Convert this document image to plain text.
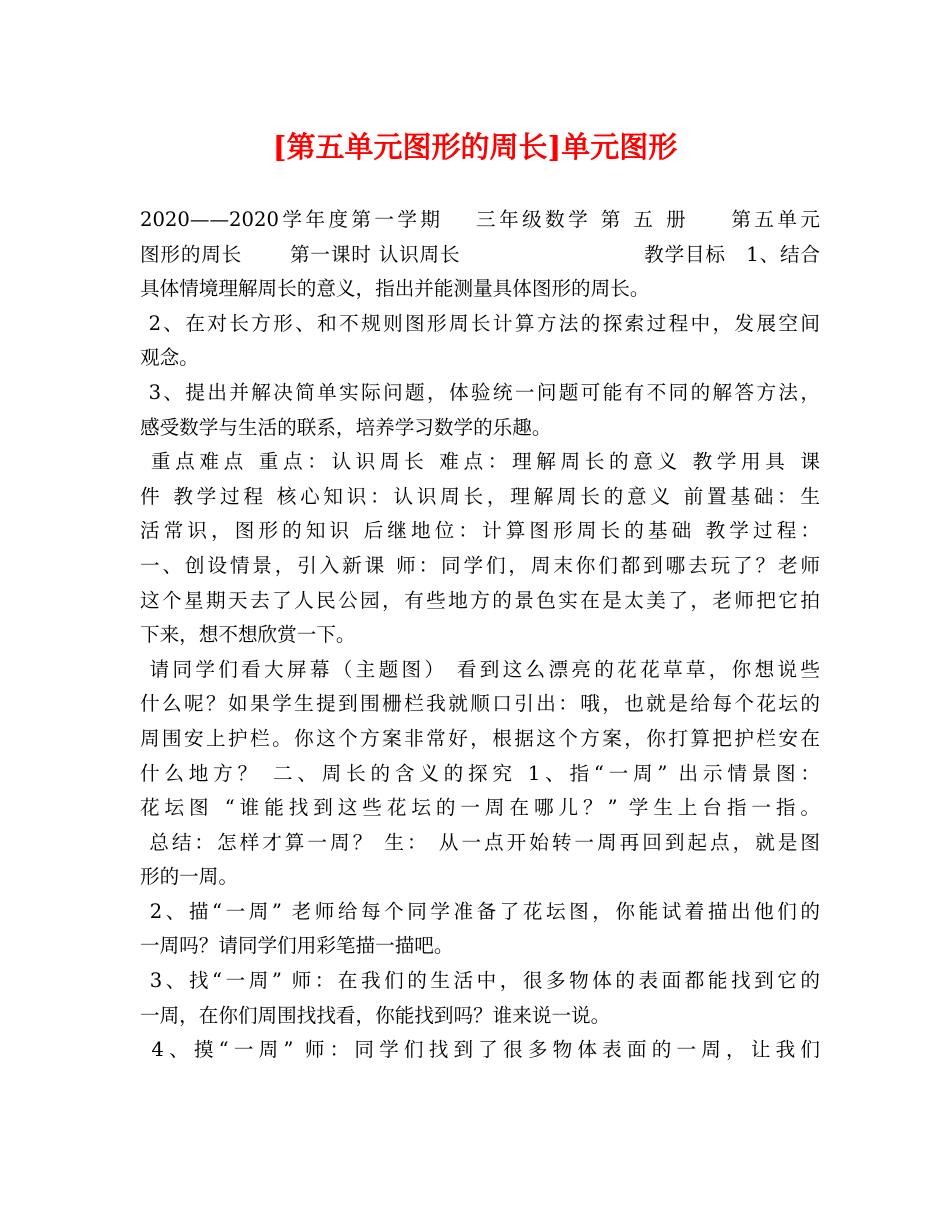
[第五单元图形的周长]单元图形
2020——2020学年度第一学期　 三年级数学 第 五 册 　 第五单元
图形的周长　　 第一课时 认识周长　　　　　　　　　教学目标　1、结合
具体情境理解周长的意义，指出并能测量具体图形的周长。
2、在对长方形、和不规则图形周长计算方法的探索过程中，发展空间
观念。
3、提出并解决简单实际问题，体验统一问题可能有不同的解答方法，
感受数学与生活的联系，培养学习数学的乐趣。
重点难点 重点：认识周长 难点：理解周长的意义 教学用具 课
件 教学过程 核心知识：认识周长，理解周长的意义 前置基础：生
活常识，图形的知识 后继地位：计算图形周长的基础 教学过程：
一、创设情景，引入新课 师：同学们，周末你们都到哪去玩了？老师
这个星期天去了人民公园，有些地方的景色实在是太美了，老师把它拍
下来，想不想欣赏一下。
请同学们看大屏幕（主题图） 看到这么漂亮的花花草草，你想说些
什么呢？如果学生提到围栅栏我就顺口引出：哦，也就是给每个花坛的
周围安上护栏。你这个方案非常好，根据这个方案，你打算把护栏安在
什么地方？ 二、周长的含义的探究 1、指“一周” 出示情景图：
花坛图 “谁能找到这些花坛的一周在哪儿？” 学生上台指一指。
总结：怎样才算一周？ 生： 从一点开始转一周再回到起点，就是图
形的一周。
2、描“一周” 老师给每个同学准备了花坛图，你能试着描出他们的
一周吗？请同学们用彩笔描一描吧。
3、找“一周” 师：在我们的生活中，很多物体的表面都能找到它的
一周，在你们周围找找看，你能找到吗？谁来说一说。
4、摸“一周” 师：同学们找到了很多物体表面的一周，让我们
